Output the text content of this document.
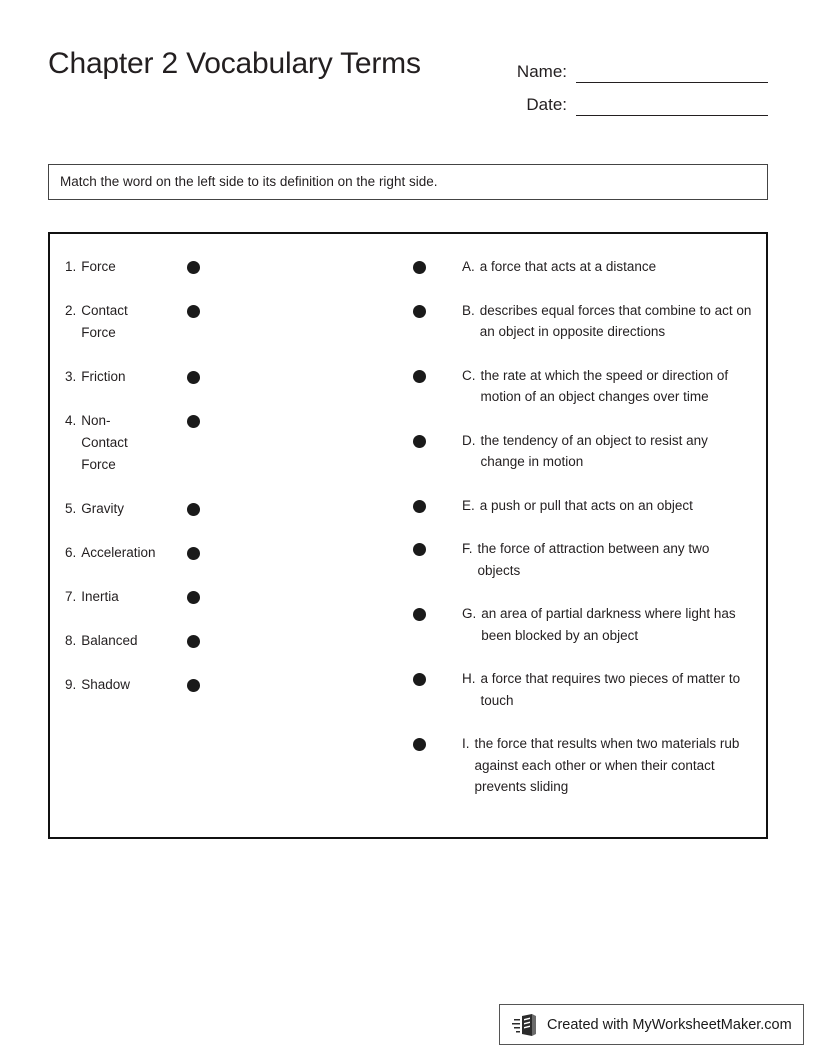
Chapter 2 Vocabulary Terms	Name:
Date:
Match the word on the left side to its definition on the right side.
1. Force
2. Contact Force
3. Friction
4. Non-Contact Force
5. Gravity
6. Acceleration
7. Inertia
8. Balanced
9. Shadow
A. a force that acts at a distance
B. describes equal forces that combine to act on an object in opposite directions
C. the rate at which the speed or direction of motion of an object changes over time
D. the tendency of an object to resist any change in motion
E. a push or pull that acts on an object
F. the force of attraction between any two objects
G. an area of partial darkness where light has been blocked by an object
H. a force that requires two pieces of matter to touch
I. the force that results when two materials rub against each other or when their contact prevents sliding
Created with MyWorksheetMaker.com
